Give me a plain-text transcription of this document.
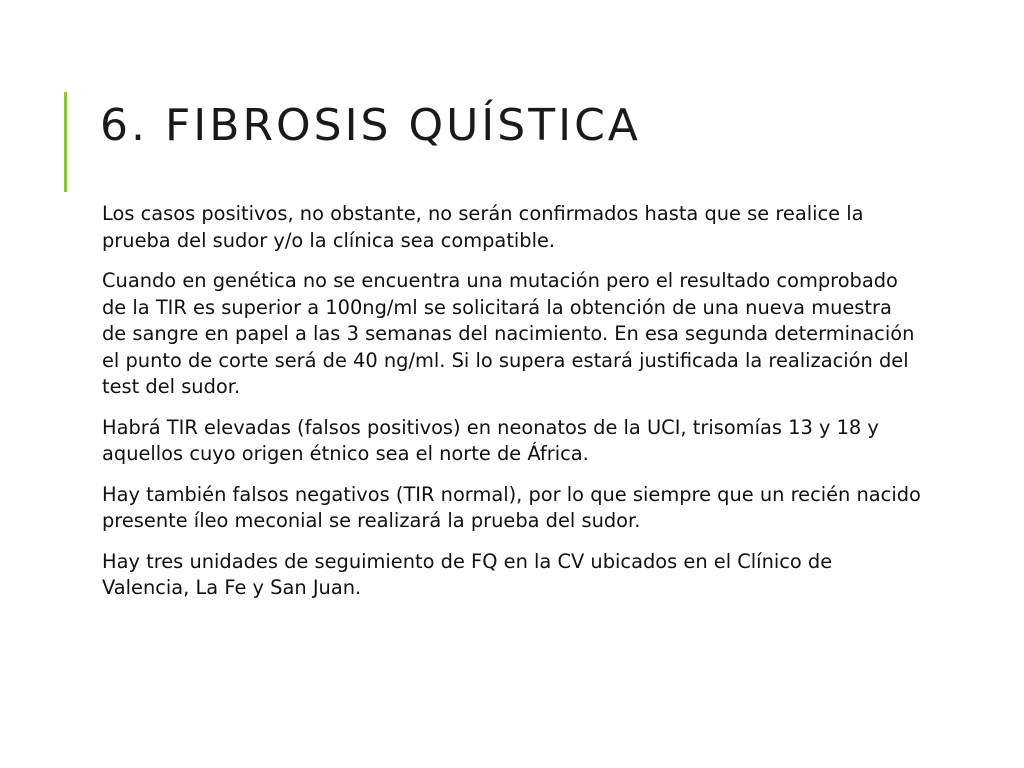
6. FIBROSIS QUÍSTICA

Los casos positivos, no obstante, no serán confirmados hasta que se realice la prueba del sudor y/o la clínica sea compatible.

Cuando en genética no se encuentra una mutación pero el resultado comprobado de la TIR es superior a 100ng/ml se solicitará la obtención de una nueva muestra de sangre en papel a las 3 semanas del nacimiento. En esa segunda determinación el punto de corte será de 40 ng/ml. Si lo supera estará justificada la realización del test del sudor.

Habrá TIR elevadas (falsos positivos) en neonatos de la UCI, trisomías 13 y 18 y aquellos cuyo origen étnico sea el norte de África.

Hay también falsos negativos (TIR normal), por lo que siempre que un recién nacido presente íleo meconial se realizará la prueba del sudor.

Hay tres unidades de seguimiento de FQ en la CV ubicados en el Clínico de Valencia, La Fe y San Juan.
